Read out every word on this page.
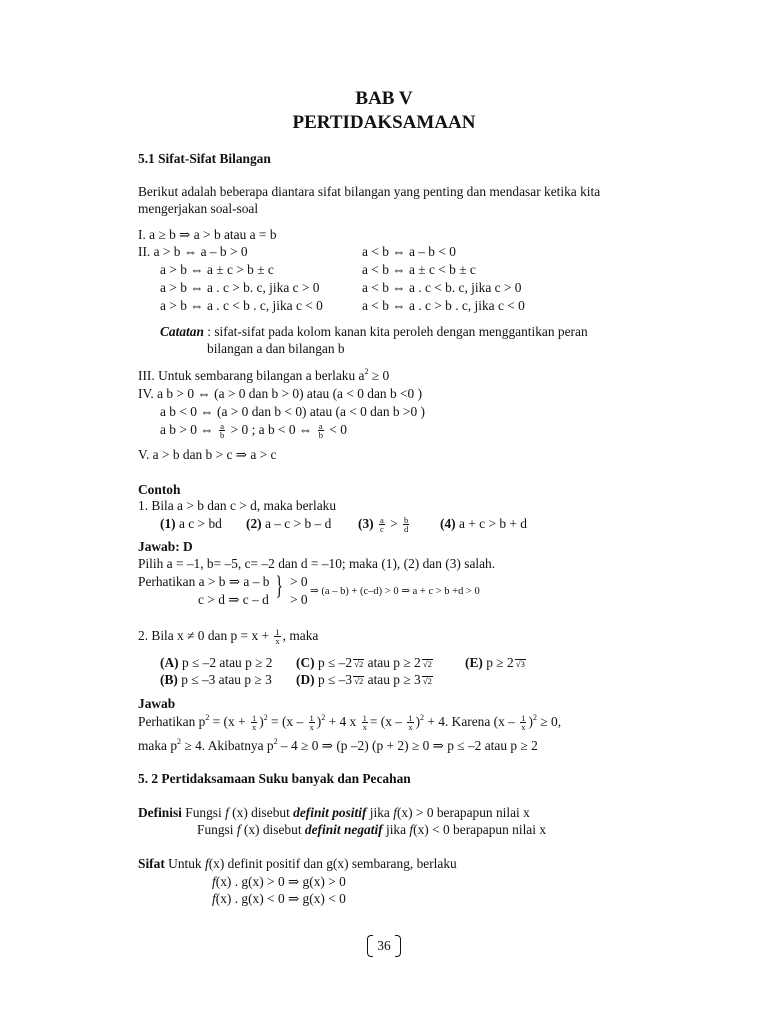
BAB V
PERTIDAKSAMAAN
5.1 Sifat-Sifat Bilangan
Berikut adalah beberapa diantara sifat bilangan yang penting dan mendasar ketika kita
mengerjakan soal-soal
I. a ≥ b ⇒ a > b atau a = b
II. a > b ⇔ a – b > 0
a > b ⇔ a ± c > b ± c
a > b ⇔ a . c > b. c, jika c > 0
a > b ⇔ a . c < b . c, jika c < 0
a < b ⇔ a – b < 0
a < b ⇔ a ± c < b ± c
a < b ⇔ a . c < b. c, jika c > 0
a < b ⇔ a . c > b . c, jika c < 0
Catatan : sifat-sifat pada kolom kanan kita peroleh dengan menggantikan peran
bilangan a dan bilangan b
III. Untuk sembarang bilangan a berlaku $a^2 \ge 0$
IV. a b > 0 ⇔ (a > 0 dan b > 0) atau (a < 0 dan b <0 )
a b < 0 ⇔ (a > 0 dan b < 0) atau (a < 0 dan b >0 )
a b > 0 ⇔ $\frac{a}{b} > 0$ ; a b < 0 ⇔ $\frac{a}{b} < 0$
V. a > b dan b > c ⇒ a > c
Contoh
1. Bila a > b dan c > d, maka berlaku
(1) a c > bd (2) a – c > b – d $(3) \frac{a}{c} > \frac{b}{d} (4) a + c > b + d$
Jawab: D
Pilih a = –1, b= –5, c= –2 dan d = –10; maka (1), (2) dan (3) salah.
Perhatikan a > b ⇒ a – b > 0
c > d ⇒ c – d > 0
}	⇒ (a – b) + (c–d) > 0 ⇒ a + c > b +d > 0
2. Bila x ≠ 0 dan $p = x + \frac{1}{x}$ , maka
(A) p ≤ –2 atau p ≥ 2 (C) p ≤ –2 √ 2 atau p ≥ 2 √ 2 (E) p ≥ 2 √ 3
(B) p ≤ –3 atau p ≥ 3 (D) p ≤ –3 √ 2 atau p ≥ 3 √ 2
Jawab
Perhatikan $p^2 = (x + \frac{1}{x} )^2 = (x - \frac{1}{x} )^2 + 4$ x $\frac{1}{x} = (x - \frac{1}{x} )^2 + 4$. Karena $(x - \frac{1}{x} )^2 \ge 0$,
maka $p^2 \ge 4$. Akibatnya $p^2 - 4 \ge 0$ ⇒ (p –2) (p + 2) ≥ 0 ⇒ p ≤ –2 atau p ≥ 2
5. 2 Pertidaksamaan Suku banyak dan Pecahan
Definisi Fungsi f (x) disebut definit positif jika f(x) > 0 berapapun nilai x
Fungsi f (x) disebut definit negatif jika f(x) < 0 berapapun nilai x
Sifat Untuk f(x) definit positif dan g(x) sembarang, berlaku
f(x) . g(x) > 0 ⇒ g(x) > 0
f(x) . g(x) < 0 ⇒ g(x) < 0
36
